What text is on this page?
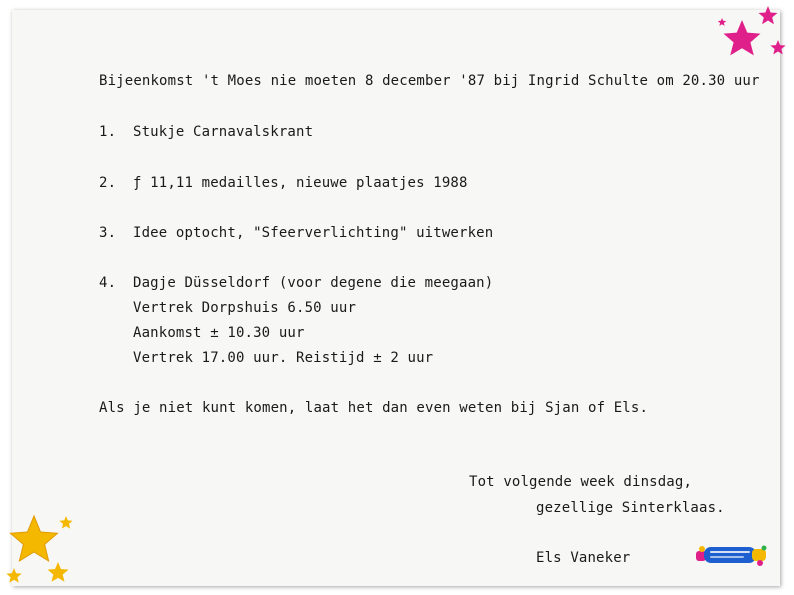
Bijeenkomst 't Moes nie moeten 8 december '87 bij Ingrid Schulte om 20.30 uur
1. Stukje Carnavalskrant
2. ƒ 11,11 medailles, nieuwe plaatjes 1988
3. Idee optocht, "Sfeerverlichting" uitwerken
4. Dagje Düsseldorf (voor degene die meegaan)
Vertrek Dorpshuis 6.50 uur
Aankomst ± 10.30 uur
Vertrek 17.00 uur. Reistijd ± 2 uur
Als je niet kunt komen, laat het dan even weten bij Sjan of Els.
Tot volgende week dinsdag,
gezellige Sinterklaas.
Els Vaneker
